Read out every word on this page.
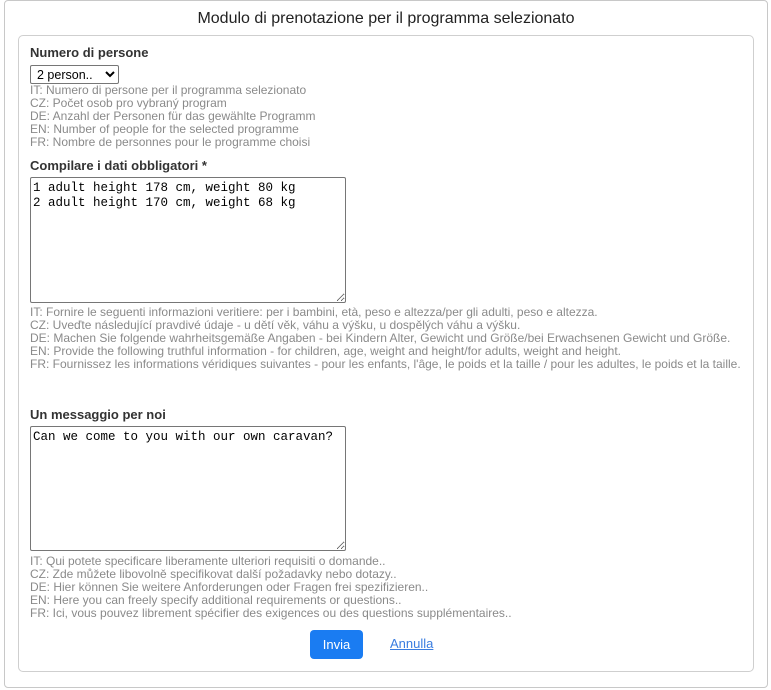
Modulo di prenotazione per il programma selezionato
Numero di persone
2 person..
IT: Numero di persone per il programma selezionato
CZ: Počet osob pro vybraný program
DE: Anzahl der Personen für das gewählte Programm
EN: Number of people for the selected programme
FR: Nombre de personnes pour le programme choisi
Compilare i dati obbligatori *
1 adult height 178 cm, weight 80 kg 2 adult height 170 cm, weight 68 kg
IT: Fornire le seguenti informazioni veritiere: per i bambini, età, peso e altezza/per gli adulti, peso e altezza.
CZ: Uveďte následující pravdivé údaje - u dětí věk, váhu a výšku, u dospělých váhu a výšku.
DE: Machen Sie folgende wahrheitsgemäße Angaben - bei Kindern Alter, Gewicht und Größe/bei Erwachsenen Gewicht und Größe.
EN: Provide the following truthful information - for children, age, weight and height/for adults, weight and height.
FR: Fournissez les informations véridiques suivantes - pour les enfants, l'âge, le poids et la taille / pour les adultes, le poids et la taille.
Un messaggio per noi
Can we come to you with our own caravan?
IT: Qui potete specificare liberamente ulteriori requisiti o domande..
CZ: Zde můžete libovolně specifikovat další požadavky nebo dotazy..
DE: Hier können Sie weitere Anforderungen oder Fragen frei spezifizieren..
EN: Here you can freely specify additional requirements or questions..
FR: Ici, vous pouvez librement spécifier des exigences ou des questions supplémentaires..
Invia	Annulla
